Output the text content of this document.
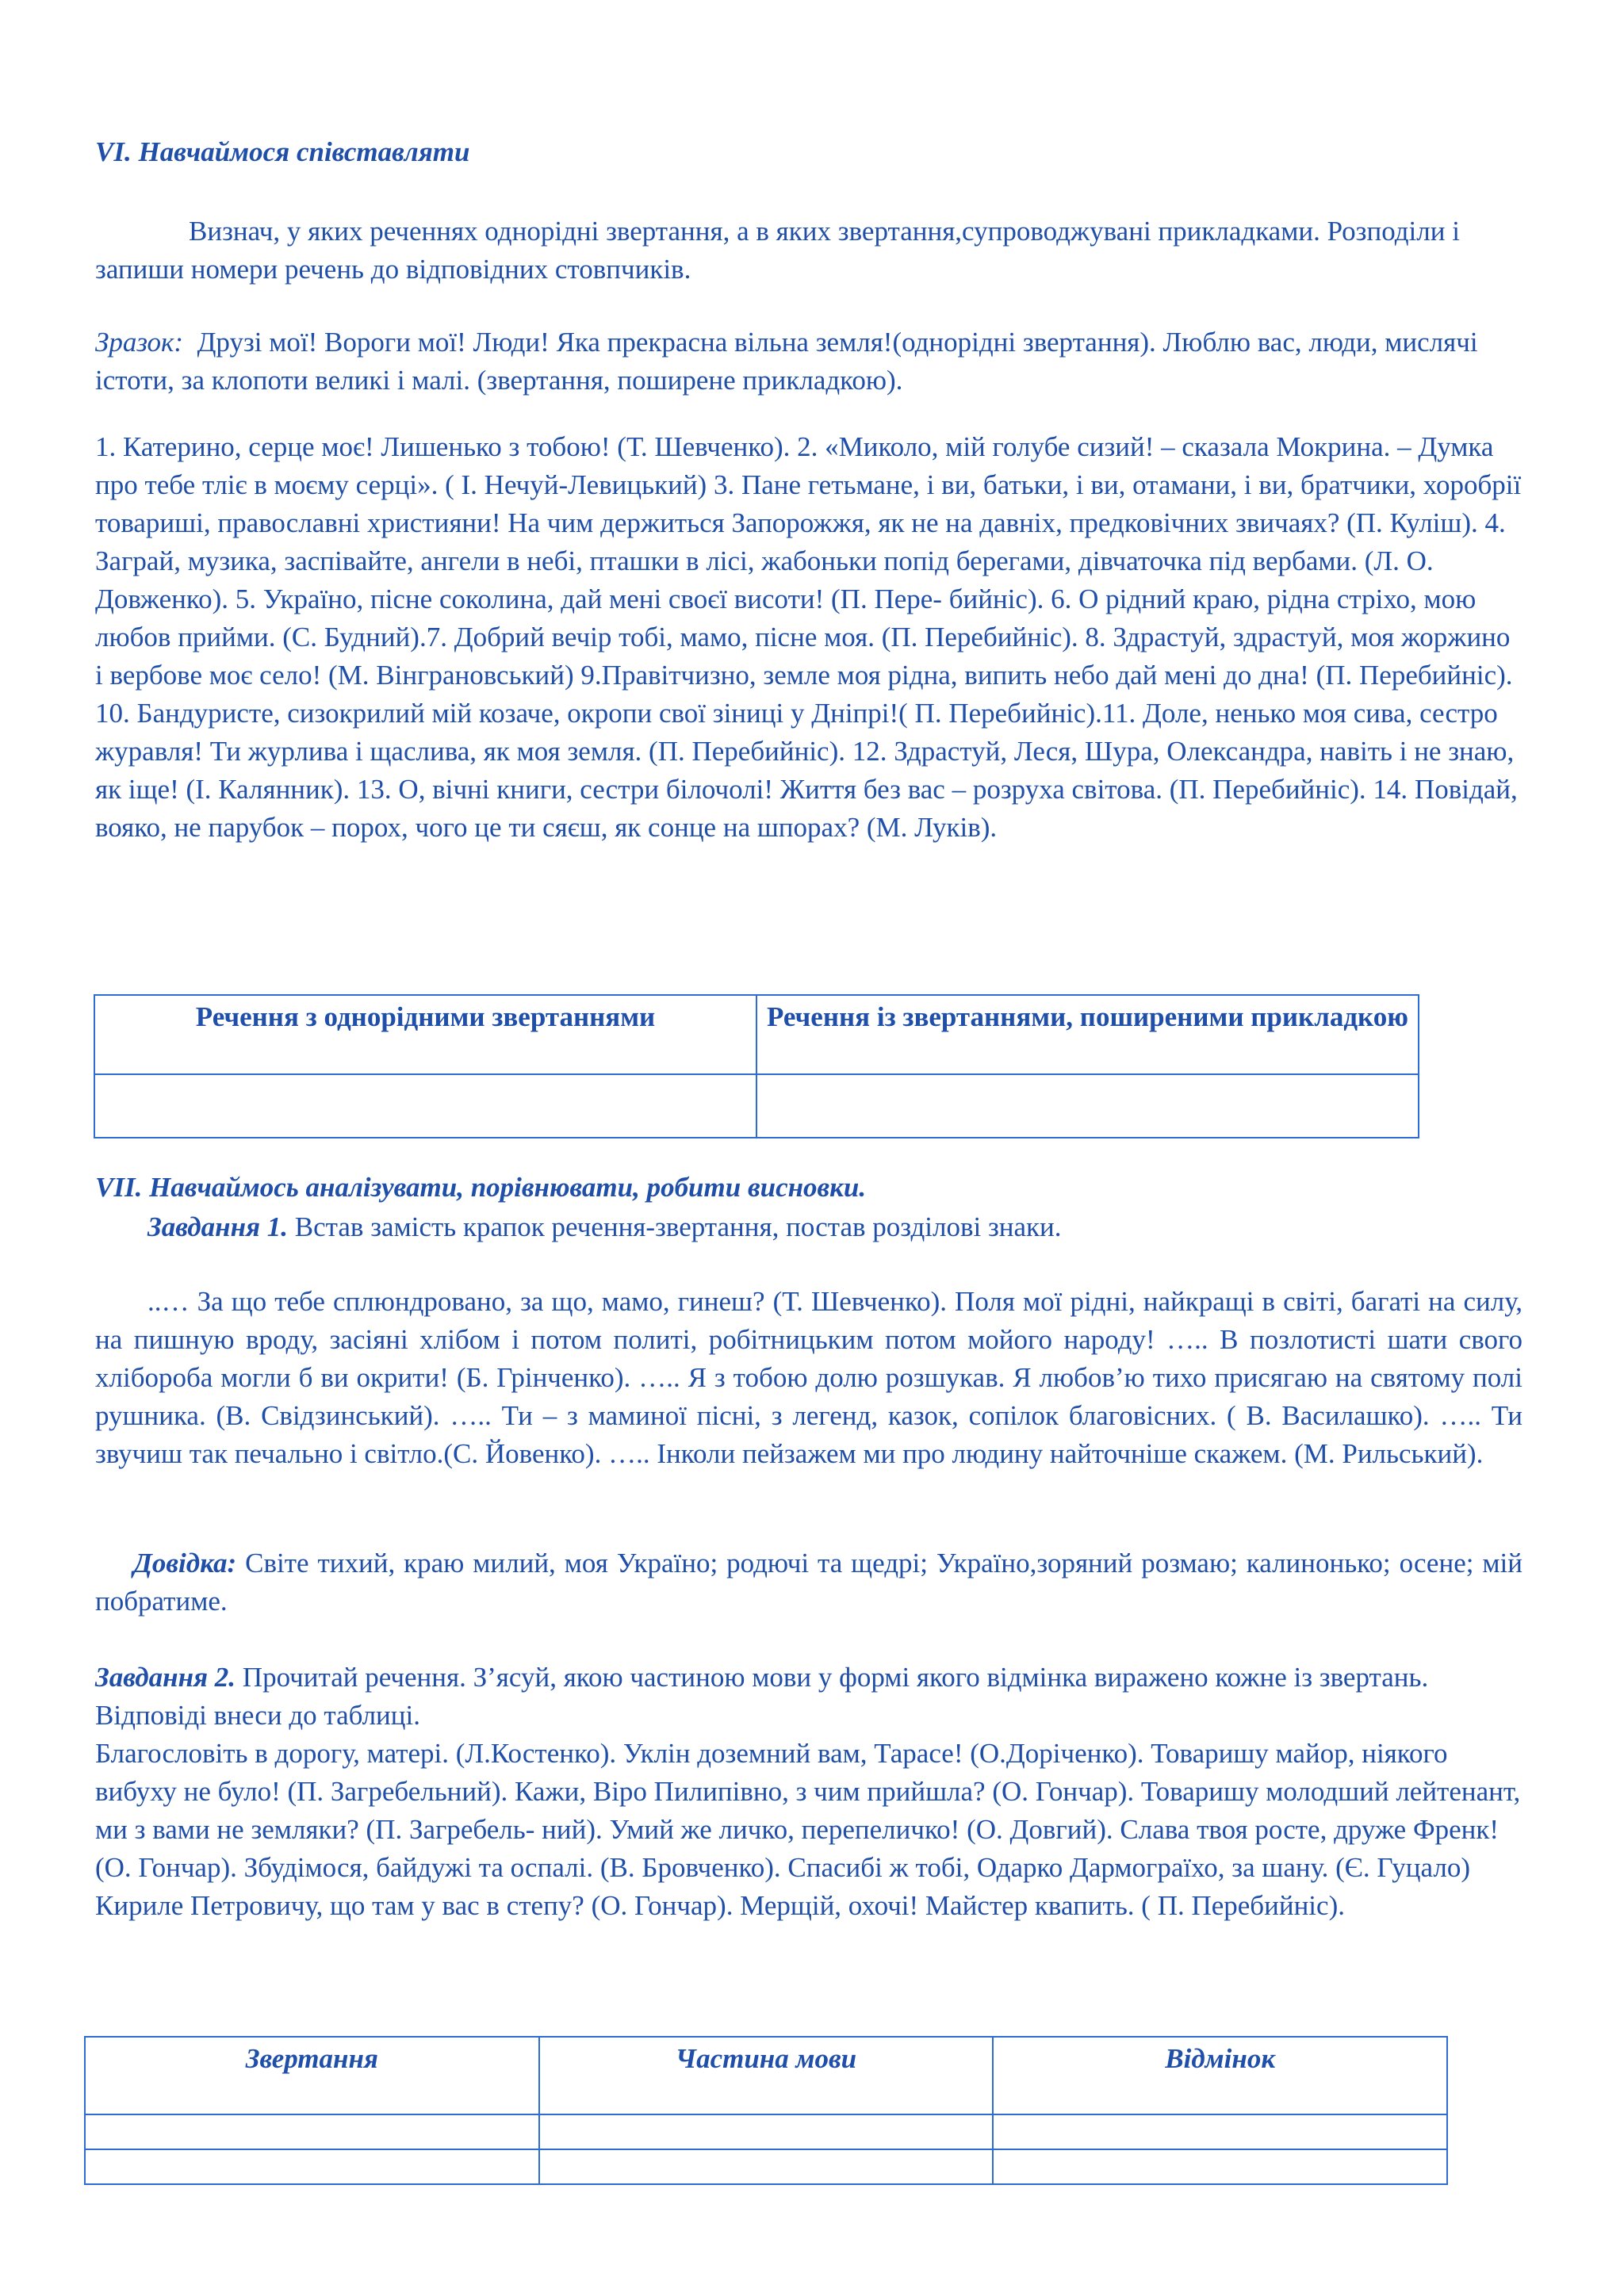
VI. Навчаймося співставляти

Визнач, у яких реченнях однорідні звертання, а в яких звертання,супроводжувані прикладками. Розподіли і запиши номери речень до відповідних стовпчиків.

Зразок: Друзі мої! Вороги мої! Люди! Яка прекрасна вільна земля!(однорідні звертання). Люблю вас, люди, мислячі істоти, за клопоти великі і малі. (звертання, поширене прикладкою).

1. Катерино, серце моє! Лишенько з тобою! (Т. Шевченко). 2. «Миколо, мій голубе сизий! – сказала Мокрина. – Думка про тебе тліє в моєму серці». ( І. Нечуй-Левицький) 3. Пане гетьмане, і ви, батьки, і ви, отамани, і ви, братчики, хоробрії товариші, православні християни! На чим держиться Запорожжя, як не на давніх, предковічних звичаях? (П. Куліш). 4. Заграй, музика, заспівайте, ангели в небі, пташки в лісі, жабоньки попід берегами, дівчаточка під вербами. (Л. О. Довженко). 5. Україно, пісне соколина, дай мені своєї висоти! (П. Пере- бийніс). 6. О рідний краю, рідна стріхо, мою любов прийми. (С. Будний).7. Добрий вечір тобі, мамо, пісне моя. (П. Перебийніс). 8. Здрастуй, здрастуй, моя жоржино і вербове моє село! (М. Вінграновський) 9.Правітчизно, земле моя рідна, випить небо дай мені до дна! (П. Перебийніс). 10. Бандуристе, сизокрилий мій козаче, окропи свої зіниці у Дніпрі!( П. Перебийніс).11. Доле, ненько моя сива, сестро журавля! Ти журлива і щаслива, як моя земля. (П. Перебийніс). 12. Здрастуй, Леся, Шура, Олександра, навіть і не знаю, як іще! (І. Калянник). 13. О, вічні книги, сестри білочолі! Життя без вас – розруха світова. (П. Перебийніс). 14. Повідай, вояко, не парубок – порох, чого це ти сяєш, як сонце на шпорах? (М. Луків).

Речення з однорідними звертаннями	Речення із звертаннями, поширеними прикладкою

VII. Навчаймось аналізувати, порівнювати, робити висновки.

Завдання 1. Встав замість крапок речення-звертання, постав розділові знаки.

..… За що тебе сплюндровано, за що, мамо, гинеш? (Т. Шевченко). Поля мої рідні, найкращі в світі, багаті на силу, на пишную вроду, засіяні хлібом і потом политі, робітницьким потом мойого народу! ….. В позлотисті шати свого хлібороба могли б ви окрити! (Б. Грінченко). ….. Я з тобою долю розшукав. Я любов’ю тихо присягаю на святому полі рушника. (В. Свідзинський). ….. Ти – з маминої пісні, з легенд, казок, сопілок благовісних. ( В. Василашко). ….. Ти звучиш так печально і світло.(С. Йовенко). ….. Інколи пейзажем ми про людину найточніше скажем. (М. Рильський).

Довідка: Світе тихий, краю милий, моя Україно; родючі та щедрі; Україно,зоряний розмаю; калинонько; осене; мій побратиме.

Завдання 2. Прочитай речення. З’ясуй, якою частиною мови у формі якого відмінка виражено кожне із звертань. Відповіді внеси до таблиці.

Благословіть в дорогу, матері. (Л.Костенко). Уклін доземний вам, Тарасе! (О.Доріченко). Товаришу майор, ніякого вибуху не було! (П. Загребельний). Кажи, Віро Пилипівно, з чим прийшла? (О. Гончар). Товаришу молодший лейтенант, ми з вами не земляки? (П. Загребель- ний). Умий же личко, перепеличко! (О. Довгий). Слава твоя росте, друже Френк! (О. Гончар). Збудімося, байдужі та оспалі. (В. Бровченко). Спасибі ж тобі, Одарко Дармограїхо, за шану. (Є. Гуцало) Кириле Петровичу, що там у вас в степу? (О. Гончар). Мерщій, охочі! Майстер квапить. ( П. Перебийніс).

Звертання	Частина мови	Відмінок
